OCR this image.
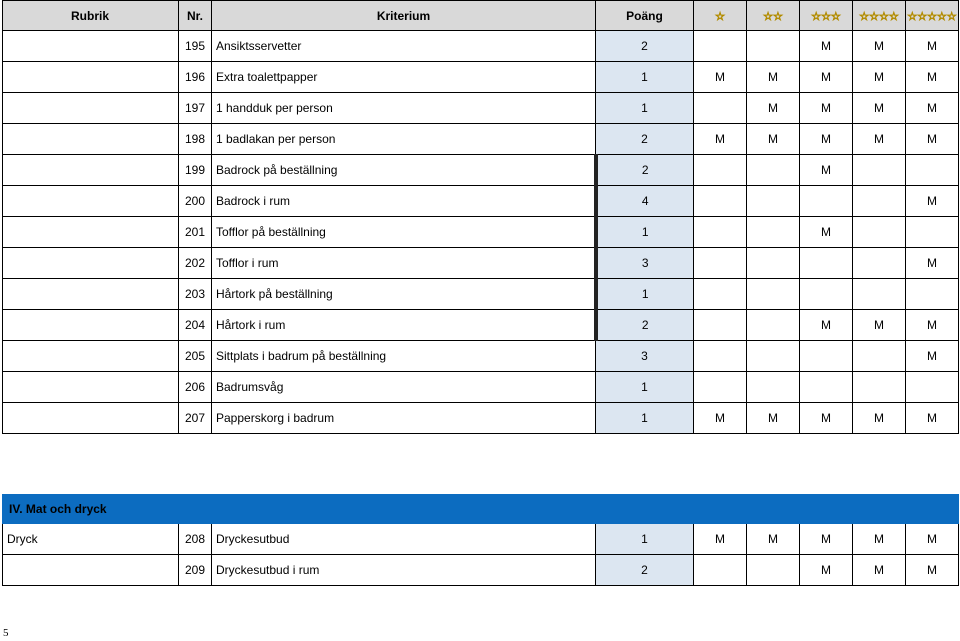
Rubrik	Nr.	Kriterium	Poäng	☆	☆☆	☆☆☆	☆☆☆☆	☆☆☆☆☆
	195	Ansiktsservetter	2			M	M	M
	196	Extra toalettpapper	1	M	M	M	M	M
	197	1 handduk per person	1		M	M	M	M
	198	1 badlakan per person	2	M	M	M	M	M
	199	Badrock på beställning	2			M		
	200	Badrock i rum	4					M
	201	Tofflor på beställning	1			M		
	202	Tofflor i rum	3					M
	203	Hårtork på beställning	1					
	204	Hårtork i rum	2			M	M	M
	205	Sittplats i badrum på beställning	3					M
	206	Badrumsvåg	1					
	207	Papperskorg i badrum	1	M	M	M	M	M

IV. Mat och dryck								
Dryck	208	Dryckesutbud	1	M	M	M	M	M
	209	Dryckesutbud i rum	2			M	M	M
5
